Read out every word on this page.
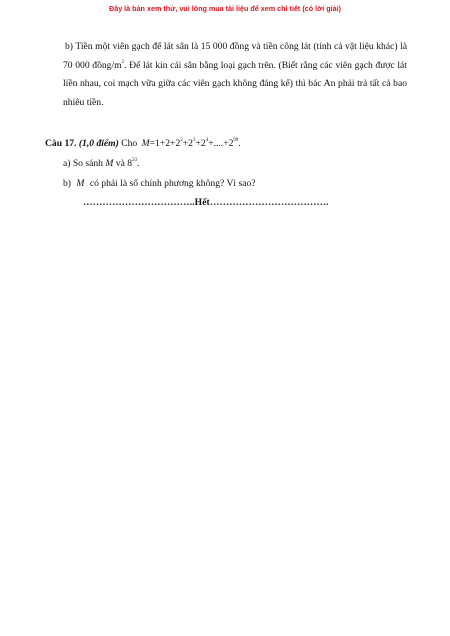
Đây là bản xem thử, vui lòng mua tài liệu để xem chi tiết (có lời giải)
b) Tiền một viên gạch để lát sân là 15 000 đồng và tiền công lát (tính cả vật liệu khác) là 70 000 đồng/$m^2$. Để lát kín cái sân bằng loại gạch trên. (Biết rằng các viên gạch được lát liền nhau, coi mạch vữa giữa các viên gạch không đáng kể) thì bác An phải trả tất cả bao nhiêu tiền.
Câu 17. (1,0 điểm) Cho $M=1+2+2^2+2^3+2^4+....+2^{99}$.
a) So sánh M và $8^{33}$.
b) M có phải là số chính phương không? Vì sao?
……………………………..Hết……………………………….
